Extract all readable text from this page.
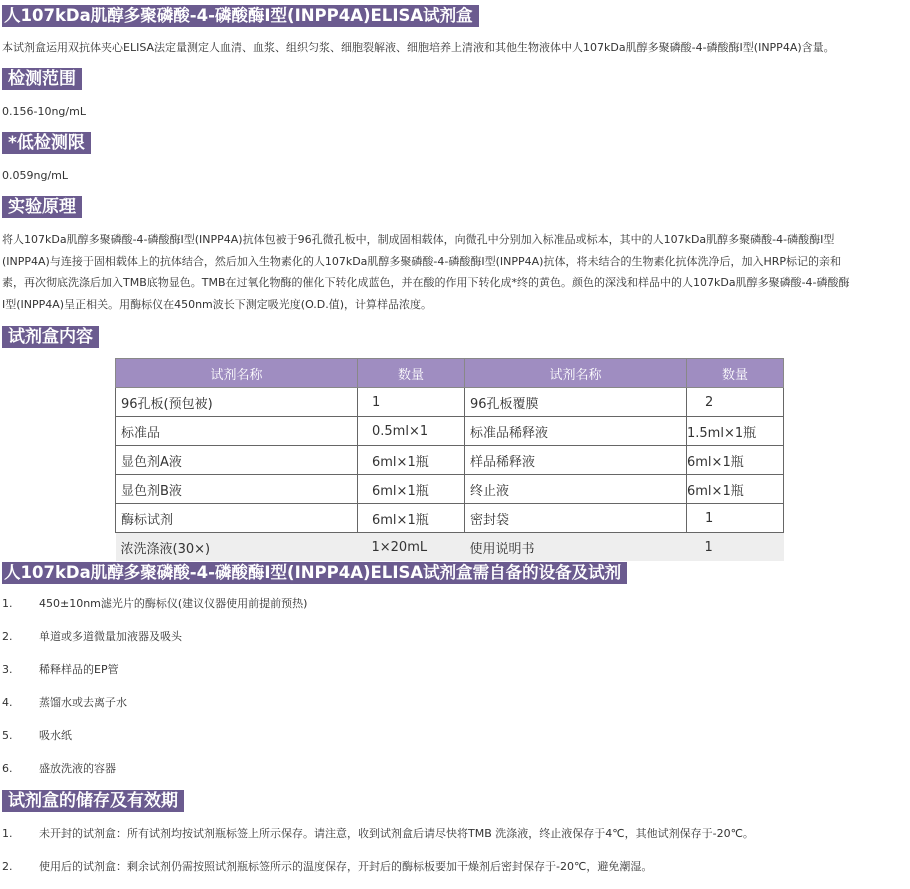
人107kDa肌醇多聚磷酸-4-磷酸酶Ⅰ型(INPP4A)ELISA试剂盒
本试剂盒运用双抗体夹心ELISA法定量测定人血清、血浆、组织匀浆、细胞裂解液、细胞培养上清液和其他生物液体中人107kDa肌醇多聚磷酸-4-磷酸酶Ⅰ型(INPP4A)含量。
检测范围
0.156-10ng/mL
*低检测限
0.059ng/mL
实验原理
将人107kDa肌醇多聚磷酸-4-磷酸酶Ⅰ型(INPP4A)抗体包被于96孔微孔板中，制成固相载体，向微孔中分别加入标准品或标本，其中的人107kDa肌醇多聚磷酸-4-磷酸酶Ⅰ型
(INPP4A)与连接于固相载体上的抗体结合，然后加入生物素化的人107kDa肌醇多聚磷酸-4-磷酸酶Ⅰ型(INPP4A)抗体，将未结合的生物素化抗体洗净后，加入HRP标记的亲和
素，再次彻底洗涤后加入TMB底物显色。TMB在过氧化物酶的催化下转化成蓝色，并在酸的作用下转化成*终的黄色。颜色的深浅和样品中的人107kDa肌醇多聚磷酸-4-磷酸酶
Ⅰ型(INPP4A)呈正相关。用酶标仪在450nm波长下测定吸光度(O.D.值)，计算样品浓度。
试剂盒内容
试剂名称	数量	试剂名称	数量
96孔板(预包被)	1	96孔板覆膜	2
标准品	0.5ml×1	标准品稀释液	1.5ml×1瓶
显色剂A液	6ml×1瓶	样品稀释液	6ml×1瓶
显色剂B液	6ml×1瓶	终止液	6ml×1瓶
酶标试剂	6ml×1瓶	密封袋	1
浓洗涤液(30×)	1×20mL	使用说明书	1
人107kDa肌醇多聚磷酸-4-磷酸酶Ⅰ型(INPP4A)ELISA试剂盒需自备的设备及试剂
1. 450±10nm滤光片的酶标仪(建议仪器使用前提前预热)
2. 单道或多道微量加液器及吸头
3. 稀释样品的EP管
4. 蒸馏水或去离子水
5. 吸水纸
6. 盛放洗液的容器
试剂盒的储存及有效期
1. 未开封的试剂盒：所有试剂均按试剂瓶标签上所示保存。请注意，收到试剂盒后请尽快将TMB 洗涤液，终止液保存于4℃，其他试剂保存于-20℃。
2. 使用后的试剂盒：剩余试剂仍需按照试剂瓶标签所示的温度保存，开封后的酶标板要加干燥剂后密封保存于-20℃，避免潮湿。
